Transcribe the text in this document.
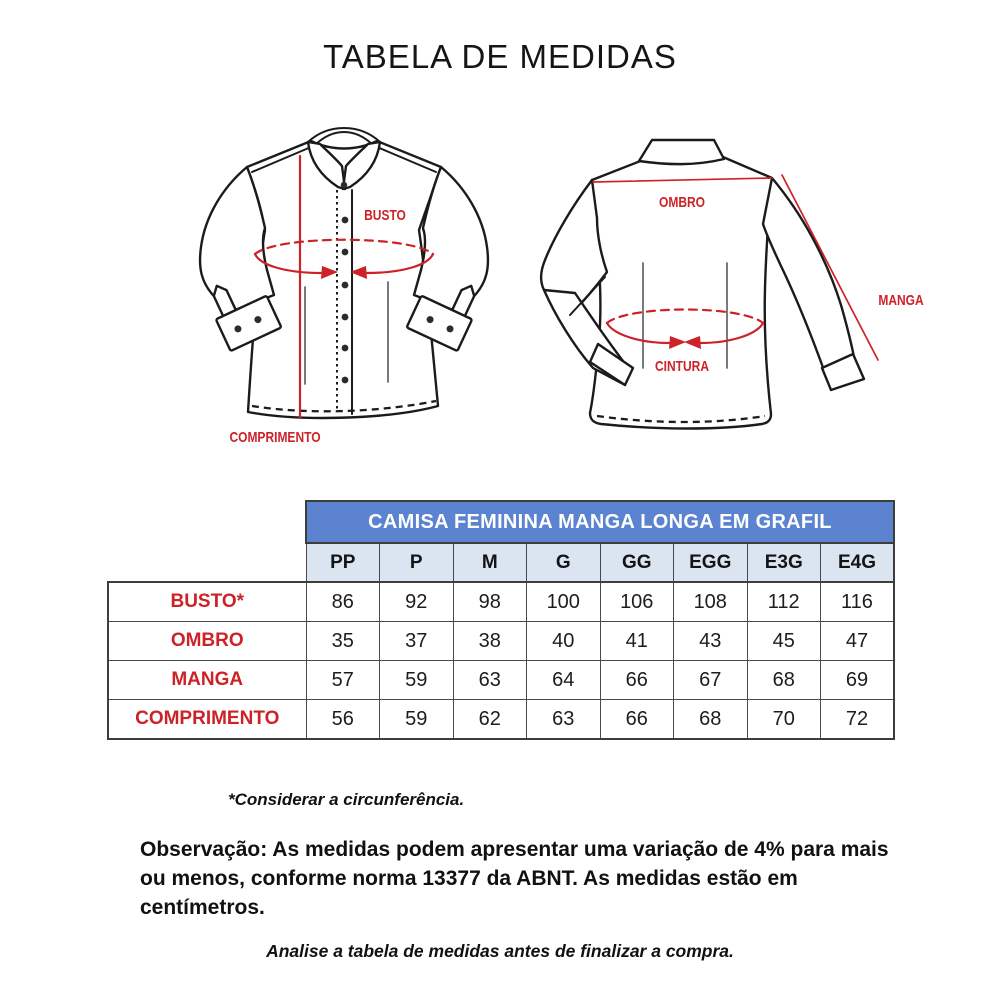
TABELA DE MEDIDAS
BUSTO
COMPRIMENTO
OMBRO
CINTURA
MANGA
	CAMISA FEMININA MANGA LONGA EM GRAFIL							
	PP	P	M	G	GG	EGG	E3G	E4G
BUSTO*	86	92	98	100	106	108	112	116
OMBRO	35	37	38	40	41	43	45	47
MANGA	57	59	63	64	66	67	68	69
COMPRIMENTO	56	59	62	63	66	68	70	72
*Considerar a circunferência.
Observação: As medidas podem apresentar uma variação de 4% para mais
ou menos, conforme norma 13377 da ABNT. As medidas estão em
centímetros.
Analise a tabela de medidas antes de finalizar a compra.
